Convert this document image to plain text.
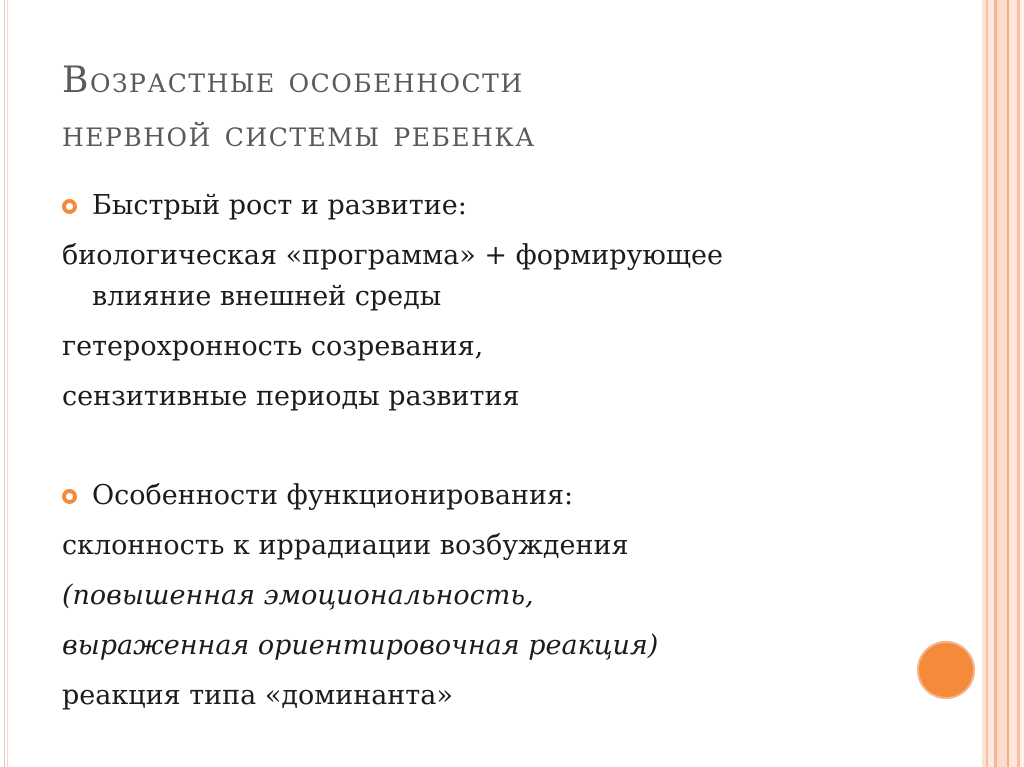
Возрастные особенности
нервной системы ребенка
Быстрый рост и развитие:
биологическая «программа» + формирующее
влияние внешней среды
гетерохронность созревания,
сензитивные периоды развития
Особенности функционирования:
склонность к иррадиации возбуждения
(повышенная эмоциональность,
выраженная ориентировочная реакция)
реакция типа «доминанта»
